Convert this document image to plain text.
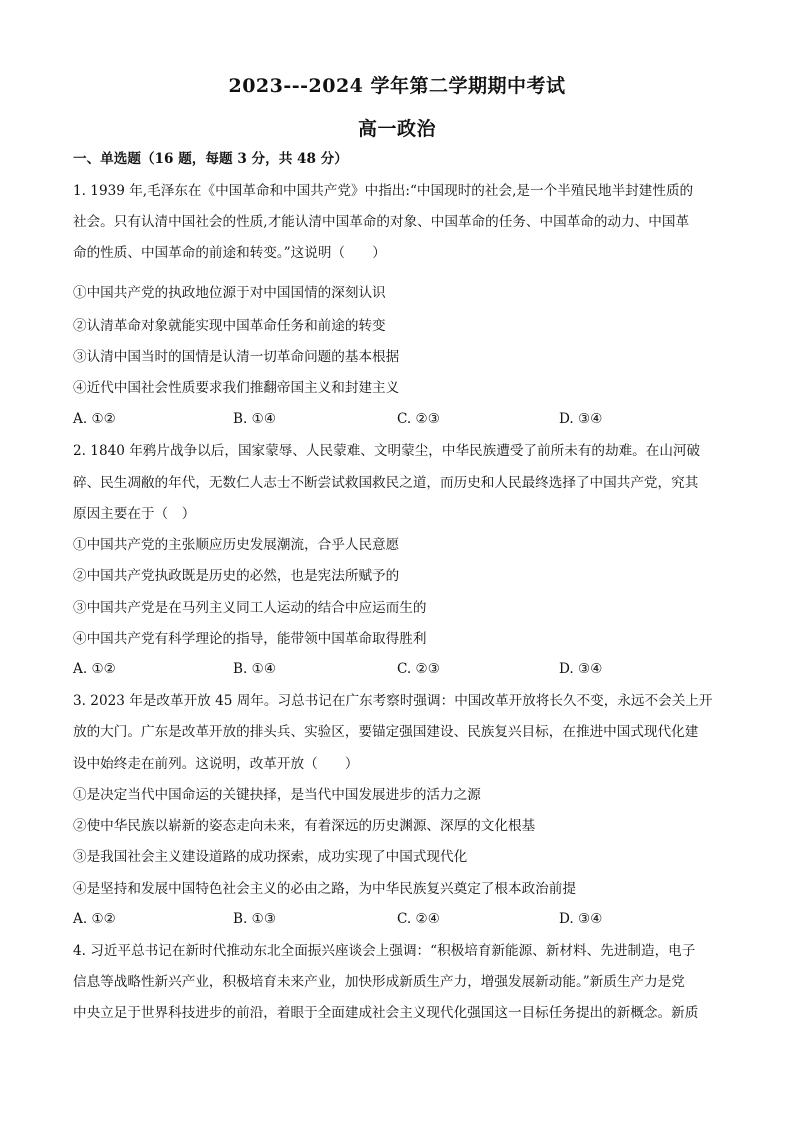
2023---2024 学年第二学期期中考试
高一政治
一、单选题（16 题，每题 3 分，共 48 分）
1. 1939 年,毛泽东在《中国革命和中国共产党》中指出:“中国现时的社会,是一个半殖民地半封建性质的
社会。只有认清中国社会的性质,才能认清中国革命的对象、中国革命的任务、中国革命的动力、中国革
命的性质、中国革命的前途和转变。”这说明（　　）
①中国共产党的执政地位源于对中国国情的深刻认识
②认清革命对象就能实现中国革命任务和前途的转变
③认清中国当时的国情是认清一切革命问题的基本根据
④近代中国社会性质要求我们推翻帝国主义和封建主义
A. ①②	B. ①④	C. ②③	D. ③④
2. 1840 年鸦片战争以后，国家蒙辱、人民蒙难、文明蒙尘，中华民族遭受了前所未有的劫难。在山河破
碎、民生凋敝的年代，无数仁人志士不断尝试救国救民之道，而历史和人民最终选择了中国共产党，究其
原因主要在于（　）
①中国共产党的主张顺应历史发展潮流，合乎人民意愿
②中国共产党执政既是历史的必然，也是宪法所赋予的
③中国共产党是在马列主义同工人运动的结合中应运而生的
④中国共产党有科学理论的指导，能带领中国革命取得胜利
A. ①②	B. ①④	C. ②③	D. ③④
3. 2023 年是改革开放 45 周年。习总书记在广东考察时强调：中国改革开放将长久不变，永远不会关上开
放的大门。广东是改革开放的排头兵、实验区，要锚定强国建设、民族复兴目标，在推进中国式现代化建
设中始终走在前列。这说明，改革开放（　　）
①是决定当代中国命运的关键抉择，是当代中国发展进步的活力之源
②使中华民族以崭新的姿态走向未来，有着深远的历史渊源、深厚的文化根基
③是我国社会主义建设道路的成功探索，成功实现了中国式现代化
④是坚持和发展中国特色社会主义的必由之路，为中华民族复兴奠定了根本政治前提
A. ①②	B. ①③	C. ②④	D. ③④
4. 习近平总书记在新时代推动东北全面振兴座谈会上强调：“积极培育新能源、新材料、先进制造，电子
信息等战略性新兴产业，积极培育未来产业，加快形成新质生产力，增强发展新动能。”新质生产力是党
中央立足于世界科技进步的前沿，着眼于全面建成社会主义现代化强国这一目标任务提出的新概念。新质
